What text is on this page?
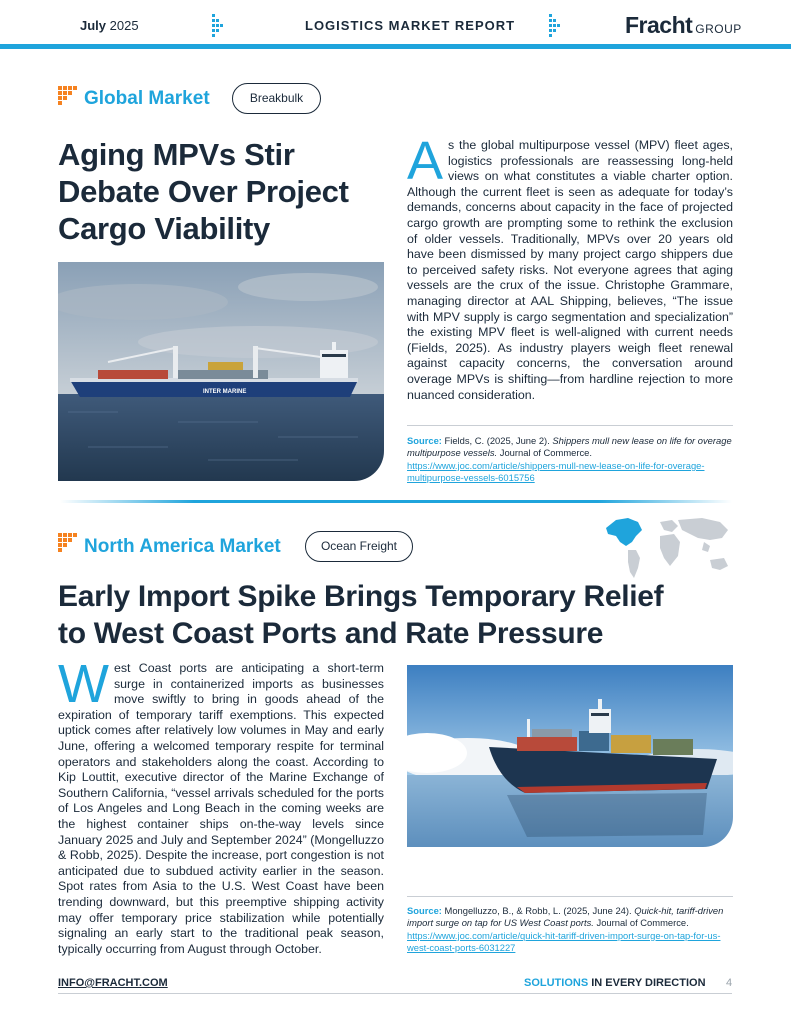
July 2025	LOGISTICS MARKET REPORT	Fracht GROUP
Global Market	Breakbulk
Aging MPVs Stir
Debate Over Project
Cargo Viability
INTER MARINE
As the global multipurpose vessel (MPV) fleet ages, logistics professionals are reassessing long-held views on what constitutes a viable charter option. Although the current fleet is seen as adequate for today’s demands, concerns about capacity in the face of projected cargo growth are prompting some to rethink the exclusion of older vessels. Traditionally, MPVs over 20 years old have been dismissed by many project cargo shippers due to perceived safety risks. Not everyone agrees that aging vessels are the crux of the issue. Christophe Grammare, managing director at AAL Shipping, believes, “The issue with MPV supply is cargo segmentation and specialization” the existing MPV fleet is well-aligned with current needs (Fields, 2025). As industry players weigh fleet renewal against capacity concerns, the conversation around overage MPVs is shifting—from hardline rejection to more nuanced consideration.
Source: Fields, C. (2025, June 2). Shippers mull new lease on life for overage multipurpose vessels. Journal of Commerce.
https://www.joc.com/article/shippers-mull-new-lease-on-life-for-overage-multipurpose-vessels-6015756
North America Market	Ocean Freight
Early Import Spike Brings Temporary Relief
to West Coast Ports and Rate Pressure
West Coast ports are anticipating a short-term surge in containerized imports as businesses move swiftly to bring in goods ahead of the expiration of temporary tariff exemptions. This expected uptick comes after relatively low volumes in May and early June, offering a welcomed temporary respite for terminal operators and stakeholders along the coast. According to Kip Louttit, executive director of the Marine Exchange of Southern California, “vessel arrivals scheduled for the ports of Los Angeles and Long Beach in the coming weeks are the highest container ships on-the-way levels since January 2025 and July and September 2024” (Mongelluzzo & Robb, 2025). Despite the increase, port congestion is not anticipated due to subdued activity earlier in the season. Spot rates from Asia to the U.S. West Coast have been trending downward, but this preemptive shipping activity may offer temporary price stabilization while potentially signaling an early start to the traditional peak season, typically occurring from August through October.
Source: Mongelluzzo, B., & Robb, L. (2025, June 24). Quick-hit, tariff-driven import surge on tap for US West Coast ports. Journal of Commerce.
https://www.joc.com/article/quick-hit-tariff-driven-import-surge-on-tap-for-us-west-coast-ports-6031227
INFO@FRACHT.COM	SOLUTIONS IN EVERY DIRECTION 4
